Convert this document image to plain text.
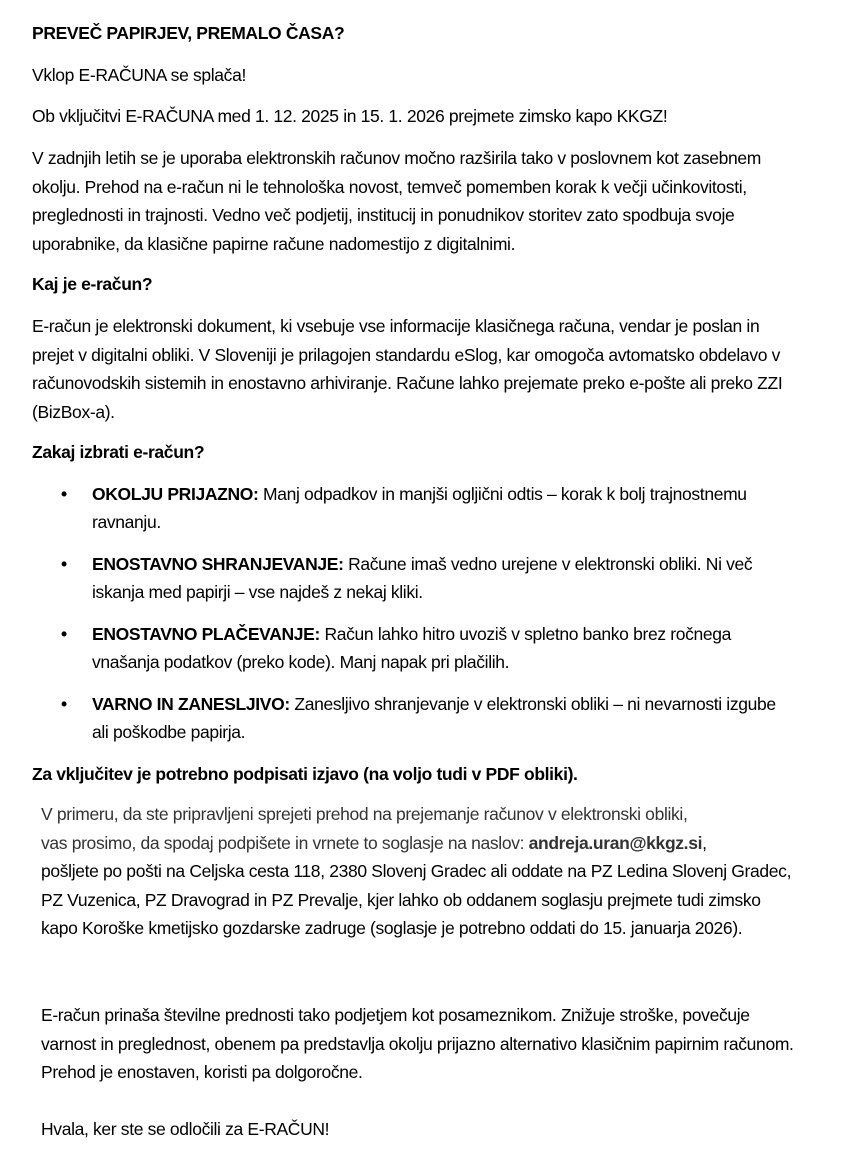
PREVEČ PAPIRJEV, PREMALO ČASA?

Vklop E-RAČUNA se splača!

Ob vključitvi E-RAČUNA med 1. 12. 2025 in 15. 1. 2026 prejmete zimsko kapo KKGZ!

V zadnjih letih se je uporaba elektronskih računov močno razširila tako v poslovnem kot zasebnem okolju. Prehod na e-račun ni le tehnološka novost, temveč pomemben korak k večji učinkovitosti, preglednosti in trajnosti. Vedno več podjetij, institucij in ponudnikov storitev zato spodbuja svoje uporabnike, da klasične papirne račune nadomestijo z digitalnimi.

Kaj je e-račun?

E-račun je elektronski dokument, ki vsebuje vse informacije klasičnega računa, vendar je poslan in prejet v digitalni obliki. V Sloveniji je prilagojen standardu eSlog, kar omogoča avtomatsko obdelavo v računovodskih sistemih in enostavno arhiviranje. Račune lahko prejemate preko e-pošte ali preko ZZI (BizBox-a).

Zakaj izbrati e-račun?

• OKOLJU PRIJAZNO: Manj odpadkov in manjši ogljični odtis – korak k bolj trajnostnemu ravnanju.
• ENOSTAVNO SHRANJEVANJE: Račune imaš vedno urejene v elektronski obliki. Ni več iskanja med papirji – vse najdeš z nekaj kliki.
• ENOSTAVNO PLAČEVANJE: Račun lahko hitro uvoziš v spletno banko brez ročnega vnašanja podatkov (preko kode). Manj napak pri plačilih.
• VARNO IN ZANESLJIVO: Zanesljivo shranjevanje v elektronski obliki – ni nevarnosti izgube ali poškodbe papirja.

Za vključitev je potrebno podpisati izjavo (na voljo tudi v PDF obliki).

V primeru, da ste pripravljeni sprejeti prehod na prejemanje računov v elektronski obliki,
vas prosimo, da spodaj podpišete in vrnete to soglasje na naslov: andreja.uran@kkgz.si,
pošljete po pošti na Celjska cesta 118, 2380 Slovenj Gradec ali oddate na PZ Ledina Slovenj Gradec, PZ Vuzenica, PZ Dravograd in PZ Prevalje, kjer lahko ob oddanem soglasju prejmete tudi zimsko kapo Koroške kmetijsko gozdarske zadruge (soglasje je potrebno oddati do 15. januarja 2026).

E-račun prinaša številne prednosti tako podjetjem kot posameznikom. Znižuje stroške, povečuje varnost in preglednost, obenem pa predstavlja okolju prijazno alternativo klasičnim papirnim računom. Prehod je enostaven, koristi pa dolgoročne.

Hvala, ker ste se odločili za E-RAČUN!
